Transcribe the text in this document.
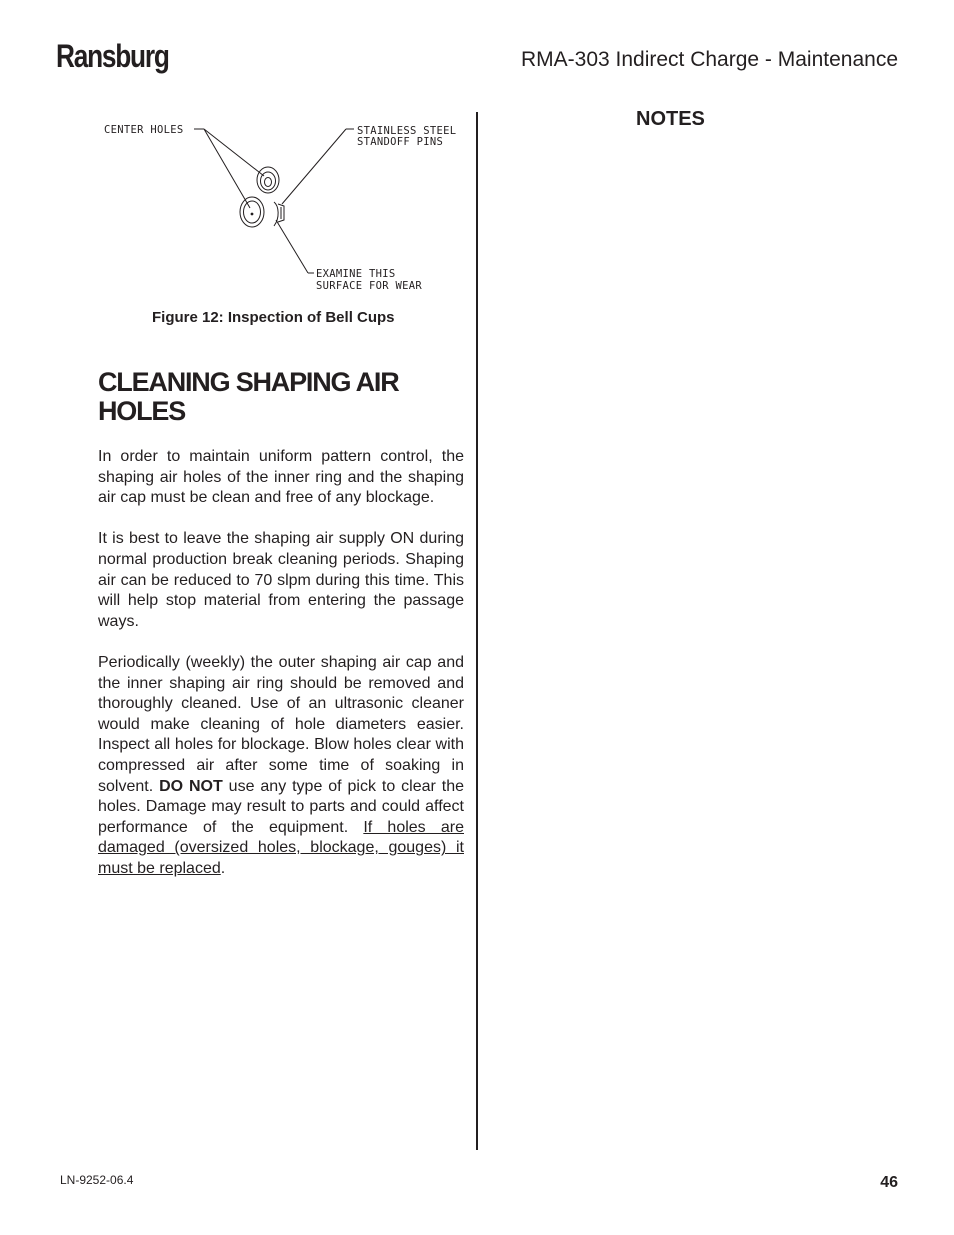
Ransburg	RMA-303 Indirect Charge - Maintenance
CENTER HOLES	STAINLESS STEEL
STANDOFF PINS
EXAMINE THIS
SURFACE FOR WEAR
Figure 12: Inspection of Bell Cups
CLEANING SHAPING AIR HOLES

In order to maintain uniform pattern control, the shaping air holes of the inner ring and the shaping air cap must be clean and free of any blockage.

It is best to leave the shaping air supply ON during normal production break cleaning periods. Shaping air can be reduced to 70 slpm during this time. This will help stop material from entering the passage ways.

Periodically (weekly) the outer shaping air cap and the inner shaping air ring should be removed and thoroughly cleaned. Use of an ultrasonic cleaner would make cleaning of hole diameters easier. Inspect all holes for blockage. Blow holes clear with compressed air after some time of soaking in solvent. DO NOT use any type of pick to clear the holes. Damage may result to parts and could affect performance of the equipment. If holes are damaged (oversized holes, blockage, gouges) it must be replaced.

NOTES
LN-9252-06.4	46
